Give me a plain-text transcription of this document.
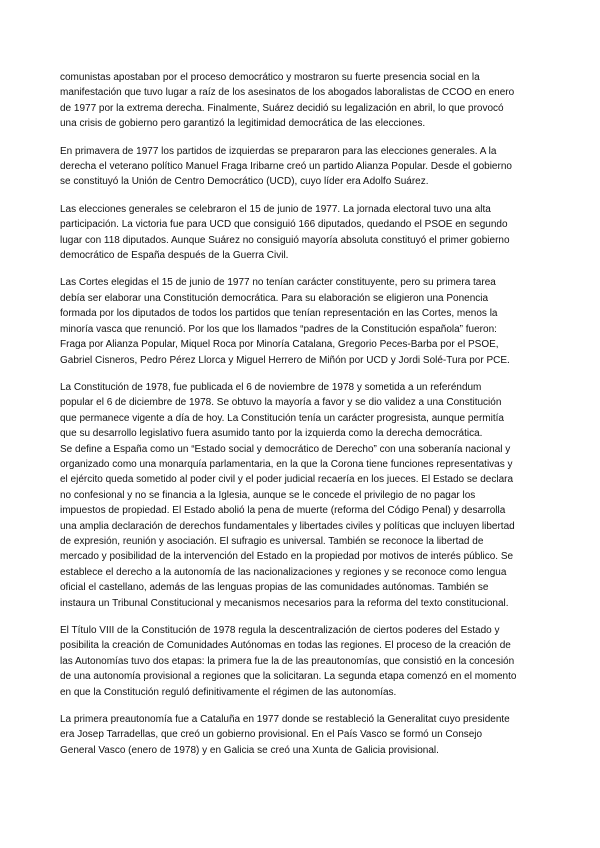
comunistas apostaban por el proceso democrático y mostraron su fuerte presencia social en la
manifestación que tuvo lugar a raíz de los asesinatos de los abogados laboralistas de CCOO en enero
de 1977 por la extrema derecha. Finalmente, Suárez decidió su legalización en abril, lo que provocó
una crisis de gobierno pero garantizó la legitimidad democrática de las elecciones.

En primavera de 1977 los partidos de izquierdas se prepararon para las elecciones generales. A la
derecha el veterano político Manuel Fraga Iribarne creó un partido Alianza Popular. Desde el gobierno
se constituyó la Unión de Centro Democrático (UCD), cuyo líder era Adolfo Suárez.

Las elecciones generales se celebraron el 15 de junio de 1977. La jornada electoral tuvo una alta
participación. La victoria fue para UCD que consiguió 166 diputados, quedando el PSOE en segundo
lugar con 118 diputados. Aunque Suárez no consiguió mayoría absoluta constituyó el primer gobierno
democrático de España después de la Guerra Civil.

Las Cortes elegidas el 15 de junio de 1977 no tenían carácter constituyente, pero su primera tarea
debía ser elaborar una Constitución democrática. Para su elaboración se eligieron una Ponencia
formada por los diputados de todos los partidos que tenían representación en las Cortes, menos la
minoría vasca que renunció. Por los que los llamados “padres de la Constitución española” fueron:
Fraga por Alianza Popular, Miquel Roca por Minoría Catalana, Gregorio Peces-Barba por el PSOE,
Gabriel Cisneros, Pedro Pérez Llorca y Miguel Herrero de Miñón por UCD y Jordi Solé-Tura por PCE.

La Constitución de 1978, fue publicada el 6 de noviembre de 1978 y sometida a un referéndum
popular el 6 de diciembre de 1978. Se obtuvo la mayoría a favor y se dio validez a una Constitución
que permanece vigente a día de hoy. La Constitución tenía un carácter progresista, aunque permitía
que su desarrollo legislativo fuera asumido tanto por la izquierda como la derecha democrática.
Se define a España como un “Estado social y democrático de Derecho” con una soberanía nacional y
organizado como una monarquía parlamentaria, en la que la Corona tiene funciones representativas y
el ejército queda sometido al poder civil y el poder judicial recaería en los jueces. El Estado se declara
no confesional y no se financia a la Iglesia, aunque se le concede el privilegio de no pagar los
impuestos de propiedad. El Estado abolió la pena de muerte (reforma del Código Penal) y desarrolla
una amplia declaración de derechos fundamentales y libertades civiles y políticas que incluyen libertad
de expresión, reunión y asociación. El sufragio es universal. También se reconoce la libertad de
mercado y posibilidad de la intervención del Estado en la propiedad por motivos de interés público. Se
establece el derecho a la autonomía de las nacionalizaciones y regiones y se reconoce como lengua
oficial el castellano, además de las lenguas propias de las comunidades autónomas. También se
instaura un Tribunal Constitucional y mecanismos necesarios para la reforma del texto constitucional.

El Título VIII de la Constitución de 1978 regula la descentralización de ciertos poderes del Estado y
posibilita la creación de Comunidades Autónomas en todas las regiones. El proceso de la creación de
las Autonomías tuvo dos etapas: la primera fue la de las preautonomías, que consistió en la concesión
de una autonomía provisional a regiones que la solicitaran. La segunda etapa comenzó en el momento
en que la Constitución reguló definitivamente el régimen de las autonomías.

La primera preautonomía fue a Cataluña en 1977 donde se restableció la Generalitat cuyo presidente
era Josep Tarradellas, que creó un gobierno provisional. En el País Vasco se formó un Consejo
General Vasco (enero de 1978) y en Galicia se creó una Xunta de Galicia provisional.
